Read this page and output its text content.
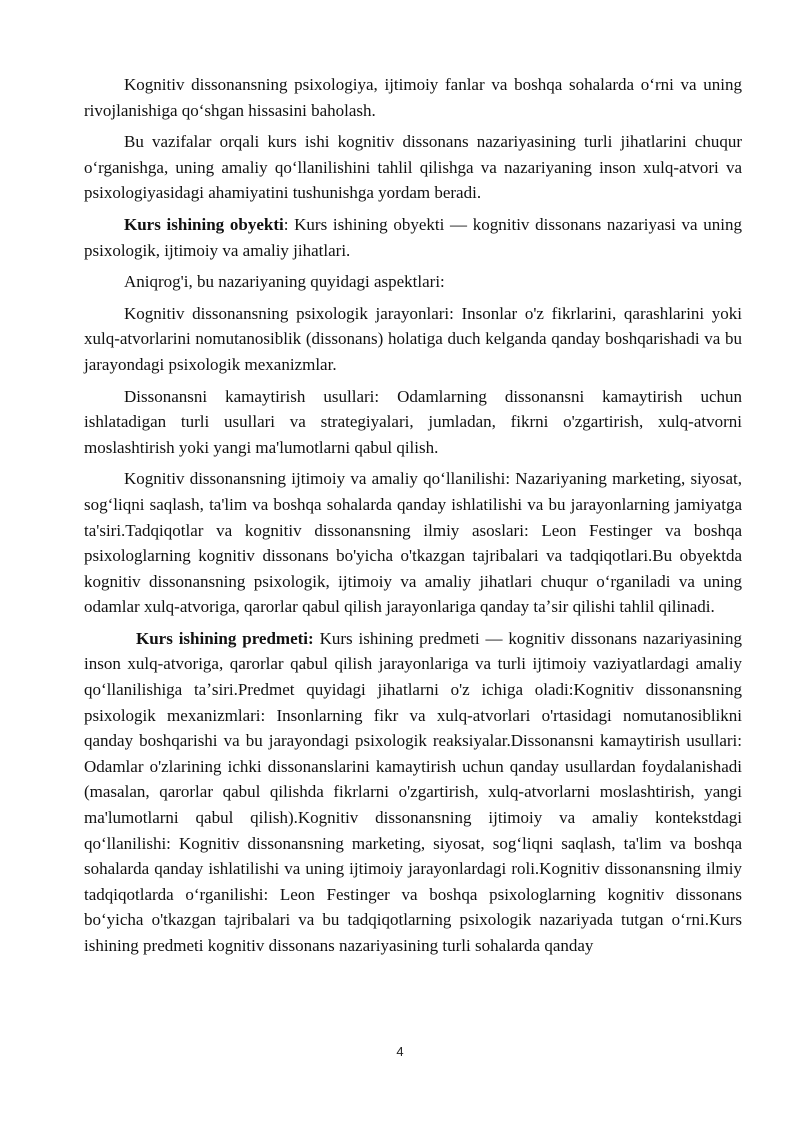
Kognitiv dissonansning psixologiya, ijtimoiy fanlar va boshqa sohalarda oʻrni va uning rivojlanishiga qoʻshgan hissasini baholash.

Bu vazifalar orqali kurs ishi kognitiv dissonans nazariyasining turli jihatlarini chuqur oʻrganishga, uning amaliy qoʻllanilishini tahlil qilishga va nazariyaning inson xulq-atvori va psixologiyasidagi ahamiyatini tushunishga yordam beradi.

Kurs ishining obyekti: Kurs ishining obyekti — kognitiv dissonans nazariyasi va uning psixologik, ijtimoiy va amaliy jihatlari.

Aniqrog'i, bu nazariyaning quyidagi aspektlari:

Kognitiv dissonansning psixologik jarayonlari: Insonlar o'z fikrlarini, qarashlarini yoki xulq-atvorlarini nomutanosiblik (dissonans) holatiga duch kelganda qanday boshqarishadi va bu jarayondagi psixologik mexanizmlar.

Dissonansni kamaytirish usullari: Odamlarning dissonansni kamaytirish uchun ishlatadigan turli usullari va strategiyalari, jumladan, fikrni o'zgartirish, xulq-atvorni moslashtirish yoki yangi ma'lumotlarni qabul qilish.

Kognitiv dissonansning ijtimoiy va amaliy qoʻllanilishi: Nazariyaning marketing, siyosat, sogʻliqni saqlash, ta'lim va boshqa sohalarda qanday ishlatilishi va bu jarayonlarning jamiyatga ta'siri.Tadqiqotlar va kognitiv dissonansning ilmiy asoslari: Leon Festinger va boshqa psixologlarning kognitiv dissonans bo'yicha o'tkazgan tajribalari va tadqiqotlari.Bu obyektda kognitiv dissonansning psixologik, ijtimoiy va amaliy jihatlari chuqur oʻrganiladi va uning odamlar xulq-atvoriga, qarorlar qabul qilish jarayonlariga qanday taʼsir qilishi tahlil qilinadi.

Kurs ishining predmeti: Kurs ishining predmeti — kognitiv dissonans nazariyasining inson xulq-atvoriga, qarorlar qabul qilish jarayonlariga va turli ijtimoiy vaziyatlardagi amaliy qoʻllanilishiga taʼsiri.Predmet quyidagi jihatlarni o'z ichiga oladi:Kognitiv dissonansning psixologik mexanizmlari: Insonlarning fikr va xulq-atvorlari o'rtasidagi nomutanosiblikni qanday boshqarishi va bu jarayondagi psixologik reaksiyalar.Dissonansni kamaytirish usullari: Odamlar o'zlarining ichki dissonanslarini kamaytirish uchun qanday usullardan foydalanishadi (masalan, qarorlar qabul qilishda fikrlarni o'zgartirish, xulq-atvorlarni moslashtirish, yangi ma'lumotlarni qabul qilish).Kognitiv dissonansning ijtimoiy va amaliy kontekstdagi qoʻllanilishi: Kognitiv dissonansning marketing, siyosat, sogʻliqni saqlash, ta'lim va boshqa sohalarda qanday ishlatilishi va uning ijtimoiy jarayonlardagi roli.Kognitiv dissonansning ilmiy tadqiqotlarda oʻrganilishi: Leon Festinger va boshqa psixologlarning kognitiv dissonans boʻyicha o'tkazgan tajribalari va bu tadqiqotlarning psixologik nazariyada tutgan oʻrni.Kurs ishining predmeti kognitiv dissonans nazariyasining turli sohalarda qanday

4
